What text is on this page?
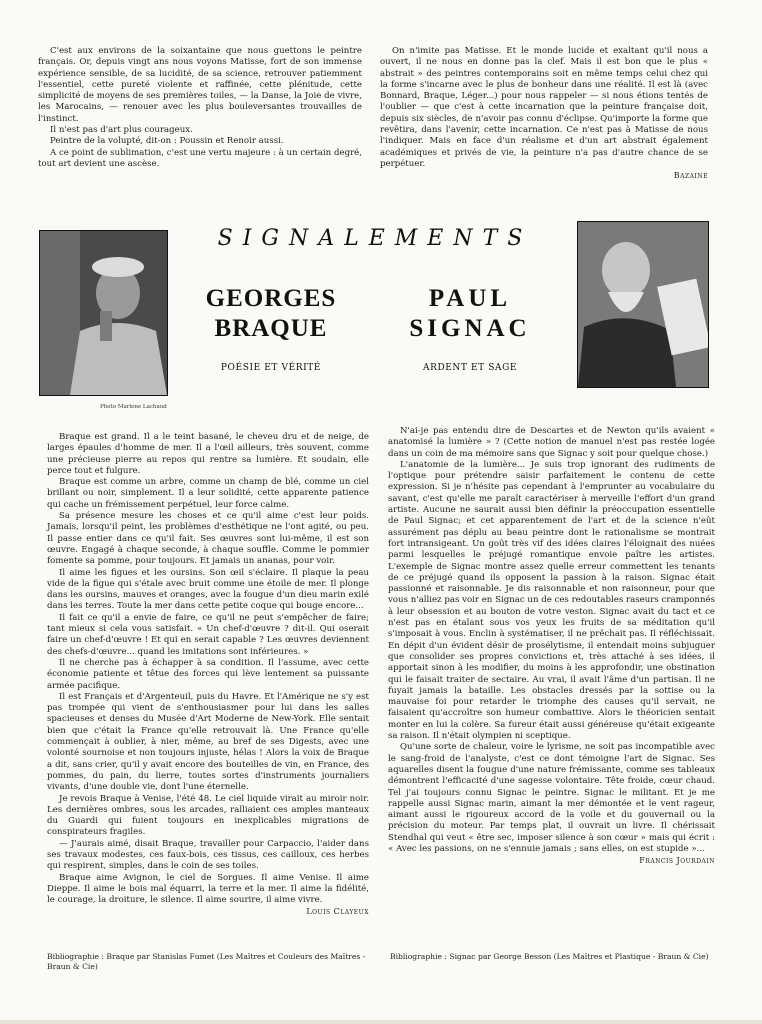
C'est aux environs de la soixantaine que nous guettons le peintre français. Or, depuis vingt ans nous voyons Matisse, fort de son immense expérience sensible, de sa lucidité, de sa science, retrouver patiemment l'essentiel, cette pureté violente et raffinée, cette plénitude, cette simplicité de moyens de ses premières toiles, — la Danse, la Joie de vivre, les Marocains, — renouer avec les plus bouleversantes trouvailles de l'instinct.

Il n'est pas d'art plus courageux.

Peintre de la volupté, dit-on : Poussin et Renoir aussi.

A ce point de sublimation, c'est une vertu majeure : à un certain degré, tout art devient une ascèse.

On n'imite pas Matisse. Et le monde lucide et exaltant qu'il nous a ouvert, il ne nous en donne pas la clef. Mais il est bon que le plus « abstrait » des peintres contemporains soit en même temps celui chez qui la forme s'incarne avec le plus de bonheur dans une réalité. Il est là (avec Bonnard, Braque, Léger...) pour nous rappeler — si nous étions tentés de l'oublier — que c'est à cette incarnation que la peinture française doit, depuis six siècles, de n'avoir pas connu d'éclipse. Qu'importe la forme que revêtira, dans l'avenir, cette incarnation. Ce n'est pas à Matisse de nous l'indiquer. Mais en face d'un réalisme et d'un art abstrait également académiques et privés de vie, la peinture n'a pas d'autre chance de se perpétuer.

Bazaine

Photo Marlene Lachaud
SIGNALEMENTS
GEORGES
BRAQUE
POÉSIE ET VÉRITÉ
PAUL
SIGNAC
ARDENT ET SAGE

Braque est grand. Il a le teint basané, le cheveu dru et de neige, de larges épaules d'homme de mer. Il a l'œil ailleurs, très souvent, comme une précieuse pierre au repos qui rentre sa lumière. Et soudain, elle perce tout et fulgure.

Braque est comme un arbre, comme un champ de blé, comme un ciel brillant ou noir, simplement. Il a leur solidité, cette apparente patience qui cache un frémissement perpétuel, leur force calme.

Sa présence mesure les choses et ce qu'il aime c'est leur poids. Jamais, lorsqu'il peint, les problèmes d'esthétique ne l'ont agité, ou peu. Il passe entier dans ce qu'il fait. Ses œuvres sont lui-même, il est son œuvre. Engagé à chaque seconde, à chaque souffle. Comme le pommier fomente sa pomme, pour toujours. Et jamais un ananas, pour voir.

Il aime les figues et les oursins. Son œil s'éclaire. Il plaque la peau vide de la figue qui s'étale avec bruit comme une étoile de mer. Il plonge dans les oursins, mauves et oranges, avec la fougue d'un dieu marin exilé dans les terres. Toute la mer dans cette petite coque qui bouge encore...

Il fait ce qu'il a envie de faire, ce qu'il ne peut s'empêcher de faire; tant mieux si cela vous satisfait. « Un chef-d'œuvre ? dit-il. Qui oserait faire un chef-d'œuvre ! Et qui en serait capable ? Les œuvres deviennent des chefs-d'œuvre... quand les imitations sont inférieures. »

Il ne cherche pas à échapper à sa condition. Il l'assume, avec cette économie patiente et têtue des forces qui lève lentement sa puissante armée pacifique.

Il est Français et d'Argenteuil, puis du Havre. Et l'Amérique ne s'y est pas trompée qui vient de s'enthousiasmer pour lui dans les salles spacieuses et denses du Musée d'Art Moderne de New-York. Elle sentait bien que c'était la France qu'elle retrouvait là. Une France qu'elle commençait à oublier, à nier, même, au bref de ses Digests, avec une volonté sournoise et non toujours injuste, hélas ! Alors la voix de Braque a dit, sans crier, qu'il y avait encore des bouteilles de vin, en France, des pommes, du pain, du lierre, toutes sortes d'instruments journaliers vivants, d'une double vie, dont l'une éternelle.

Je revois Braque à Venise, l'été 48. Le ciel liquide virait au miroir noir. Les dernières ombres, sous les arcades, ralliaient ces amples manteaux du Guardi qui fuient toujours en inexplicables migrations de conspirateurs fragiles.

— J'aurais aimé, disait Braque, travailler pour Carpaccio, l'aider dans ses travaux modestes, ces faux-bois, ces tissus, ces cailloux, ces herbes qui respirent, simples, dans le coin de ses toiles.

Braque aime Avignon, le ciel de Sorgues. Il aime Venise. Il aime Dieppe. Il aime le bois mal équarri, la terre et la mer. Il aime la fidélité, le courage, la droiture, le silence. Il aime sourire, il aime vivre.

Louis Clayeux

N'ai-je pas entendu dire de Descartes et de Newton qu'ils avaient « anatomisé la lumière » ? (Cette notion de manuel n'est pas restée logée dans un coin de ma mémoire sans que Signac y soit pour quelque chose.)

L'anatomie de la lumière... Je suis trop ignorant des rudiments de l'optique pour prétendre saisir parfaitement le contenu de cette expression. Si je n'hésite pas cependant à l'emprunter au vocabulaire du savant, c'est qu'elle me paraît caractériser à merveille l'effort d'un grand artiste. Aucune ne saurait aussi bien définir la préoccupation essentielle de Paul Signac; et cet apparentement de l'art et de la science n'eût assurément pas déplu au beau peintre dont le rationalisme se montrait fort intransigeant. Un goût très vif des idées claires l'éloignait des nuées parmi lesquelles le préjugé romantique envoie paître les artistes. L'exemple de Signac montre assez quelle erreur commettent les tenants de ce préjugé quand ils opposent la passion à la raison. Signac était passionné et raisonnable. Je dis raisonnable et non raisonneur, pour que vous n'alliez pas voir en Signac un de ces redoutables raseurs cramponnés à leur obsession et au bouton de votre veston. Signac avait du tact et ce n'est pas en étalant sous vos yeux les fruits de sa méditation qu'il s'imposait à vous. Enclin à systématiser, il ne prêchait pas. Il réfléchissait. En dépit d'un évident désir de prosélytisme, il entendait moins subjuguer que consolider ses propres convictions et, très attaché à ses idées, il apportait sinon à les modifier, du moins à les approfondir, une obstination qui le faisait traiter de sectaire. Au vrai, il avait l'âme d'un partisan. Il ne fuyait jamais la bataille. Les obstacles dressés par la sottise ou la mauvaise foi pour retarder le triomphe des causes qu'il servait, ne faisaient qu'accroître son humeur combattive. Alors le théoricien sentait monter en lui la colère. Sa fureur était aussi généreuse qu'était exigeante sa raison. Il n'était olympien ni sceptique.

Qu'une sorte de chaleur, voire le lyrisme, ne soit pas incompatible avec le sang-froid de l'analyste, c'est ce dont témoigne l'art de Signac. Ses aquarelles disent la fougue d'une nature frémissante, comme ses tableaux démontrent l'efficacité d'une sagesse volontaire. Tête froide, cœur chaud. Tel j'ai toujours connu Signac le peintre. Signac le militant. Et je me rappelle aussi Signac marin, aimant la mer démontée et le vent rageur, aimant aussi le rigoureux accord de la voile et du gouvernail ou la précision du moteur. Par temps plat, il ouvrait un livre. Il chérissait Stendhal qui veut « être sec, imposer silence à son cœur » mais qui écrit : « Avec les passions, on ne s'ennuie jamais ; sans elles, on est stupide »...

Francis Jourdain

Bibliographie : Braque par Stanislas Fumet (Les Maîtres et Couleurs des Maîtres - Braun & Cie)
Bibliographie : Signac par George Besson (Les Maîtres et Plastique - Braun & Cie)
